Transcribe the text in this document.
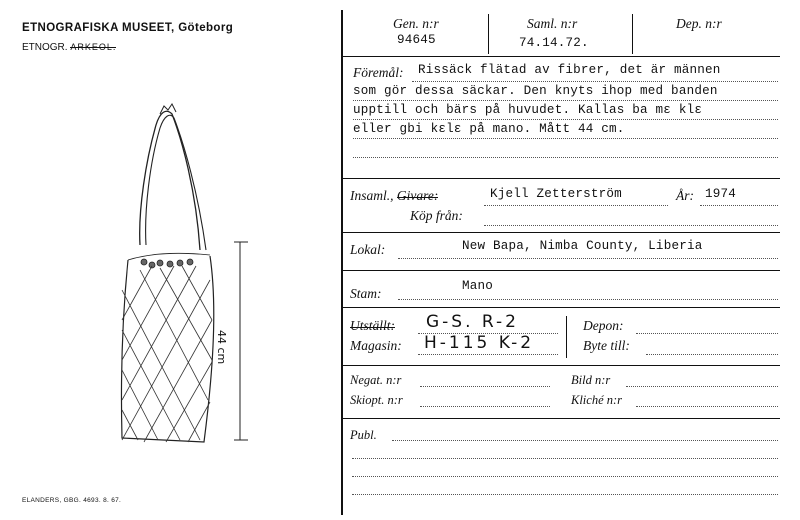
ETNOGRAFISKA MUSEET, Göteborg
ETNOGR. ARKEOL.
44 cm
ELANDERS, GBG. 4693. 8. 67.
Gen. n:r
94645
Saml. n:r
74.14.72.
Dep. n:r
Föremål: Rissäck flätad av fibrer, det är männen
som gör dessa säckar. Den knyts ihop med banden
upptill och bärs på huvudet. Kallas ba mɛ klɛ
eller gbi kɛlɛ på mano. Mått 44 cm.
Insaml., Givare:	Kjell Zetterström	År: 1974
Köp från:
Lokal:	New Bapa, Nimba County, Liberia
Stam:	Mano
Utställt: G-S. R-2
Magasin: H-115 K-2
Depon:
Byte till:
Negat. n:r	Bild n:r
Skiopt. n:r	Kliché n:r
Publ.
